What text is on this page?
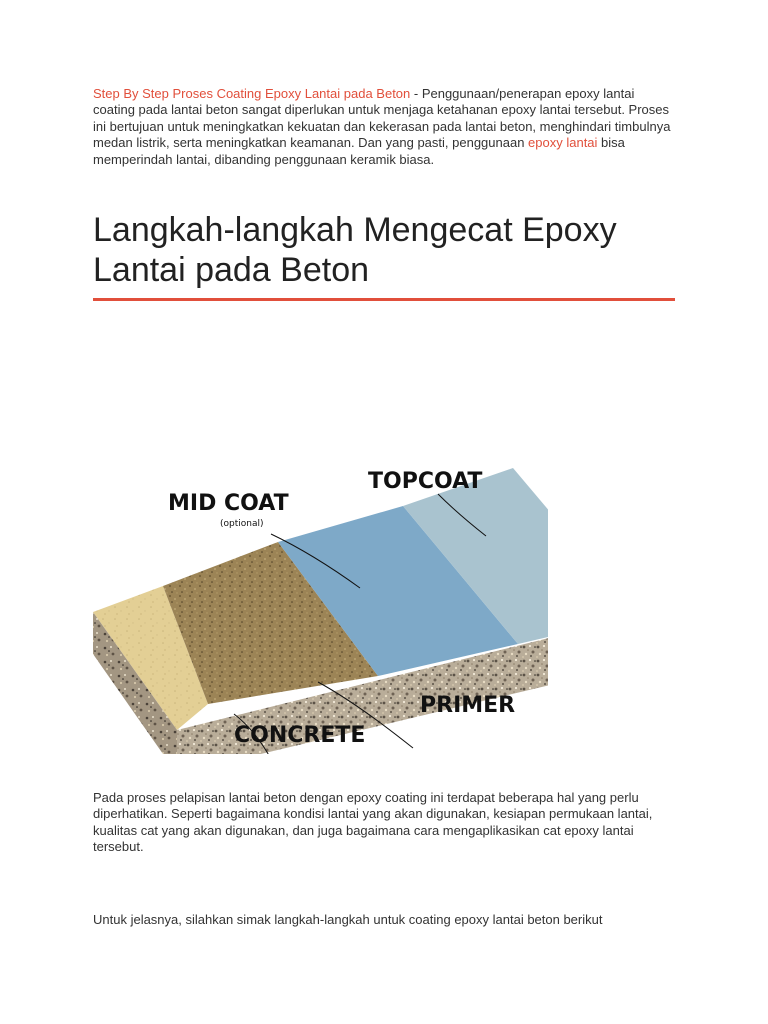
Step By Step Proses Coating Epoxy Lantai pada Beton - Penggunaan/penerapan epoxy lantai coating pada lantai beton sangat diperlukan untuk menjaga ketahanan epoxy lantai tersebut. Proses ini bertujuan untuk meningkatkan kekuatan dan kekerasan pada lantai beton, menghindari timbulnya medan listrik, serta meningkatkan keamanan. Dan yang pasti, penggunaan epoxy lantai bisa memperindah lantai, dibanding penggunaan keramik biasa.

Langkah-langkah Mengecat Epoxy Lantai pada Beton
TOPCOAT
MID COAT
(optional)
PRIMER
CONCRETE
Pada proses pelapisan lantai beton dengan epoxy coating ini terdapat beberapa hal yang perlu
diperhatikan. Seperti bagaimana kondisi lantai yang akan digunakan, kesiapan permukaan lantai,
kualitas cat yang akan digunakan, dan juga bagaimana cara mengaplikasikan cat epoxy lantai tersebut.
Untuk jelasnya, silahkan simak langkah-langkah untuk coating epoxy lantai beton berikut
